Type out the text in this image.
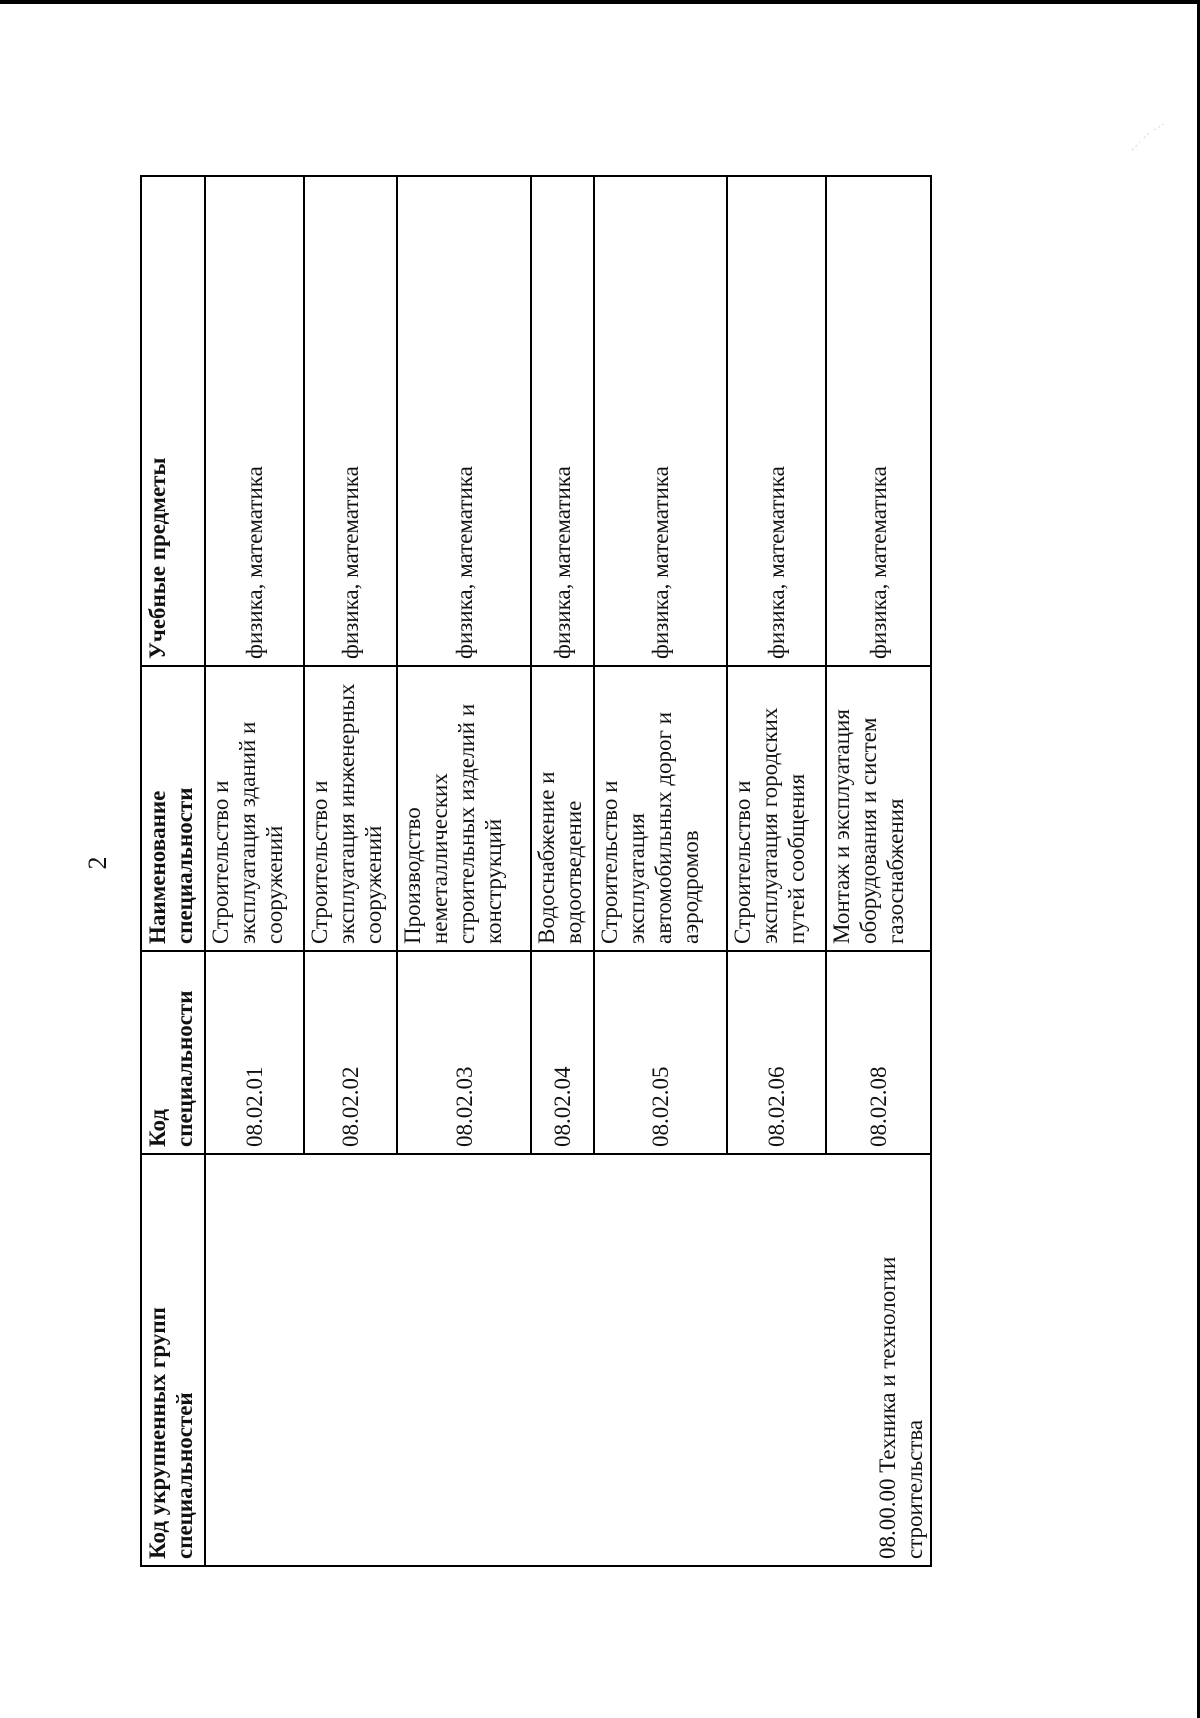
2
Код укрупненных групп специальностей	Код специальности	Наименование специальности	Учебные предметы
08.00.00 Техника и технологии строительства	08.02.01	Строительство и эксплуатация зданий и сооружений	физика, математика
	08.02.02	Строительство и эксплуатация инженерных сооружений	физика, математика
	08.02.03	Производство неметаллических строительных изделий и конструкций	физика, математика
	08.02.04	Водоснабжение и водоотведение	физика, математика
	08.02.05	Строительство и эксплуатация автомобильных дорог и аэродромов	физика, математика
	08.02.06	Строительство и эксплуатация городских путей сообщения	физика, математика
	08.02.08	Монтаж и эксплуатация оборудования и систем газоснабжения	физика, математика
